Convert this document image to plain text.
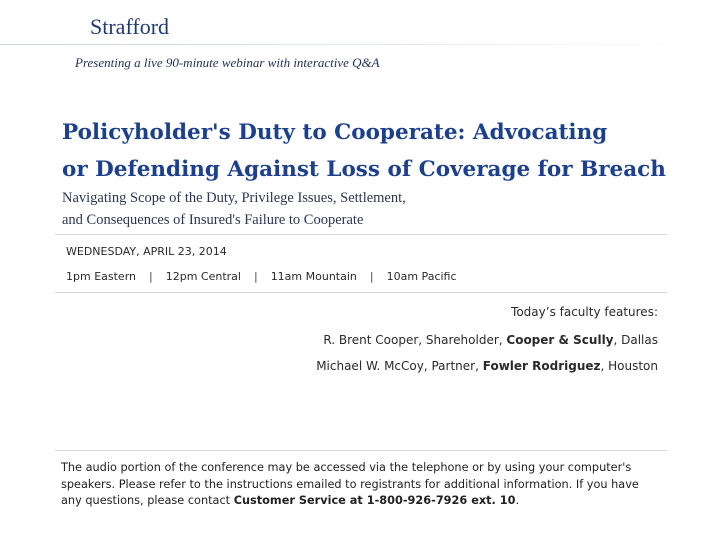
Strafford
Presenting a live 90-minute webinar with interactive Q&A
Policyholder's Duty to Cooperate: Advocating
or Defending Against Loss of Coverage for Breach
Navigating Scope of the Duty, Privilege Issues, Settlement,
and Consequences of Insured's Failure to Cooperate
WEDNESDAY, APRIL 23, 2014
1pm Eastern | 12pm Central | 11am Mountain | 10am Pacific
Today’s faculty features:
R. Brent Cooper, Shareholder, Cooper & Scully, Dallas
Michael W. McCoy, Partner, Fowler Rodriguez, Houston
The audio portion of the conference may be accessed via the telephone or by using your computer's speakers. Please refer to the instructions emailed to registrants for additional information. If you have any questions, please contact Customer Service at 1-800-926-7926 ext. 10.
